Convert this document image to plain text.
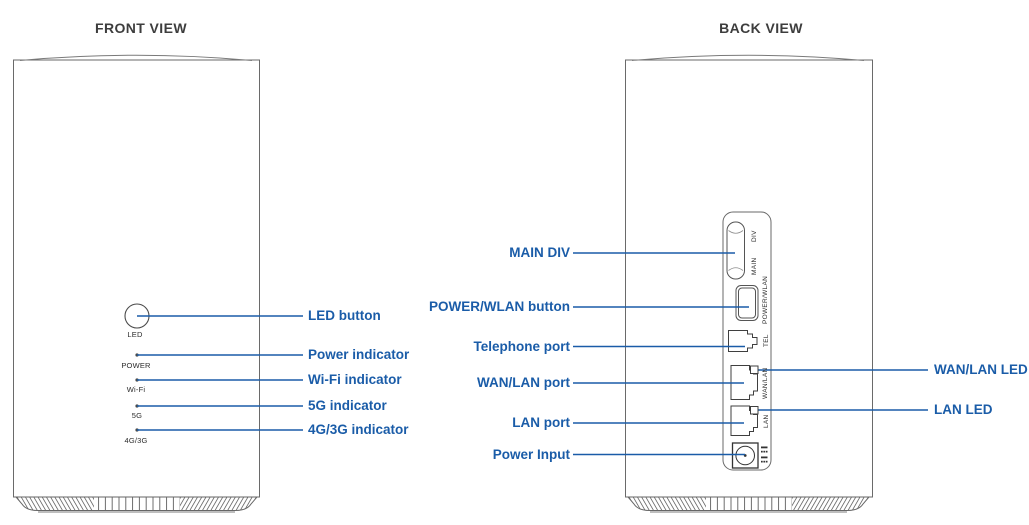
FRONT VIEW	BACK VIEW
LED
POWER
Wi-Fi
5G
4G/3G
LED button
Power indicator
Wi-Fi indicator
5G indicator
4G/3G indicator
DIV
MAIN
POWER/WLAN
TEL
WAN/LAN
LAN
MAIN DIV
POWER/WLAN button
Telephone port
WAN/LAN port
LAN port
Power Input
WAN/LAN LED
LAN LED
